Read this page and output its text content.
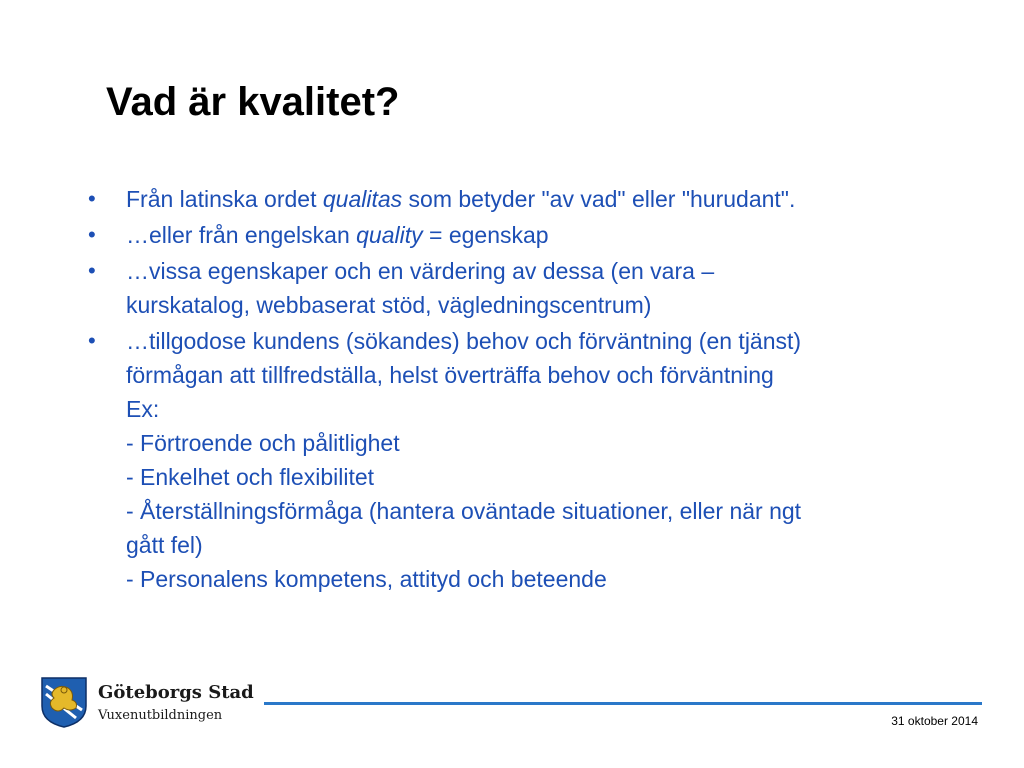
Vad är kvalitet?
•	Från latinska ordet qualitas som betyder "av vad" eller "hurudant".
•	…eller från engelskan quality = egenskap
•	…vissa egenskaper och en värdering av dessa (en vara –
kurskatalog, webbaserat stöd, vägledningscentrum)
•	…tillgodose kundens (sökandes) behov och förväntning (en tjänst)
förmågan att tillfredställa, helst överträffa behov och förväntning
Ex:
- Förtroende och pålitlighet
- Enkelhet och flexibilitet
- Återställningsförmåga (hantera oväntade situationer, eller när ngt
gått fel)
- Personalens kompetens, attityd och beteende
Göteborgs Stad
Vuxenutbildningen	31 oktober 2014
